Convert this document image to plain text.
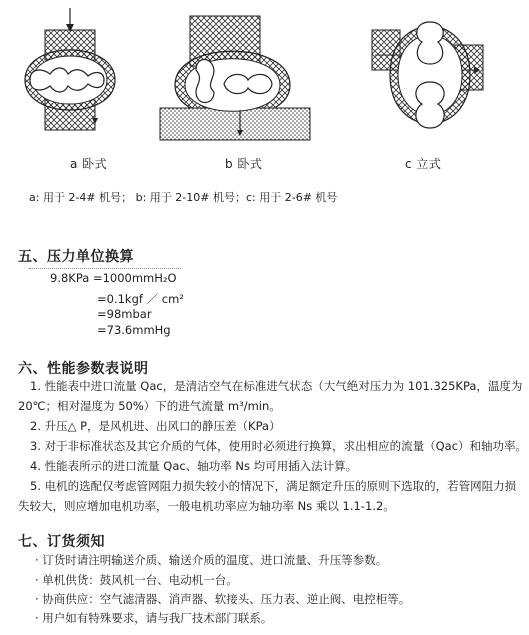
a 卧式	b 卧式	c 立式
a: 用于 2-4# 机号； b: 用于 2-10# 机号；c: 用于 2-6# 机号
五、压力单位换算
9.8KPa =1000mmH₂O
=0.1kgf ／ cm²
=98mbar
=73.6mmHg
六、性能参数表说明
1. 性能表中进口流量 Qac，是清洁空气在标准进气状态（大气绝对压力为 101.325KPa，温度为
20℃；相对湿度为 50%）下的进气流量 m³/min。
2. 升压△ P，是风机进、出风口的静压差（KPa）
3. 对于非标准状态及其它介质的气体，使用时必须进行换算，求出相应的流量（Qac）和轴功率。
4. 性能表所示的进口流量 Qac、轴功率 Ns 均可用插入法计算。
5. 电机的选配仅考虑管网阻力损失较小的情况下，满足额定升压的原则下选取的，若管网阻力损
失较大，则应增加电机功率，一般电机功率应为轴功率 Ns 乘以 1.1-1.2。
七、订货须知
· 订货时请注明输送介质、输送介质的温度、进口流量、升压等参数。
· 单机供货：鼓风机一台、电动机一台。
· 协商供应：空气滤清器、消声器、软接头、压力表、逆止阀、电控柜等。
· 用户如有特殊要求，请与我厂技术部门联系。
